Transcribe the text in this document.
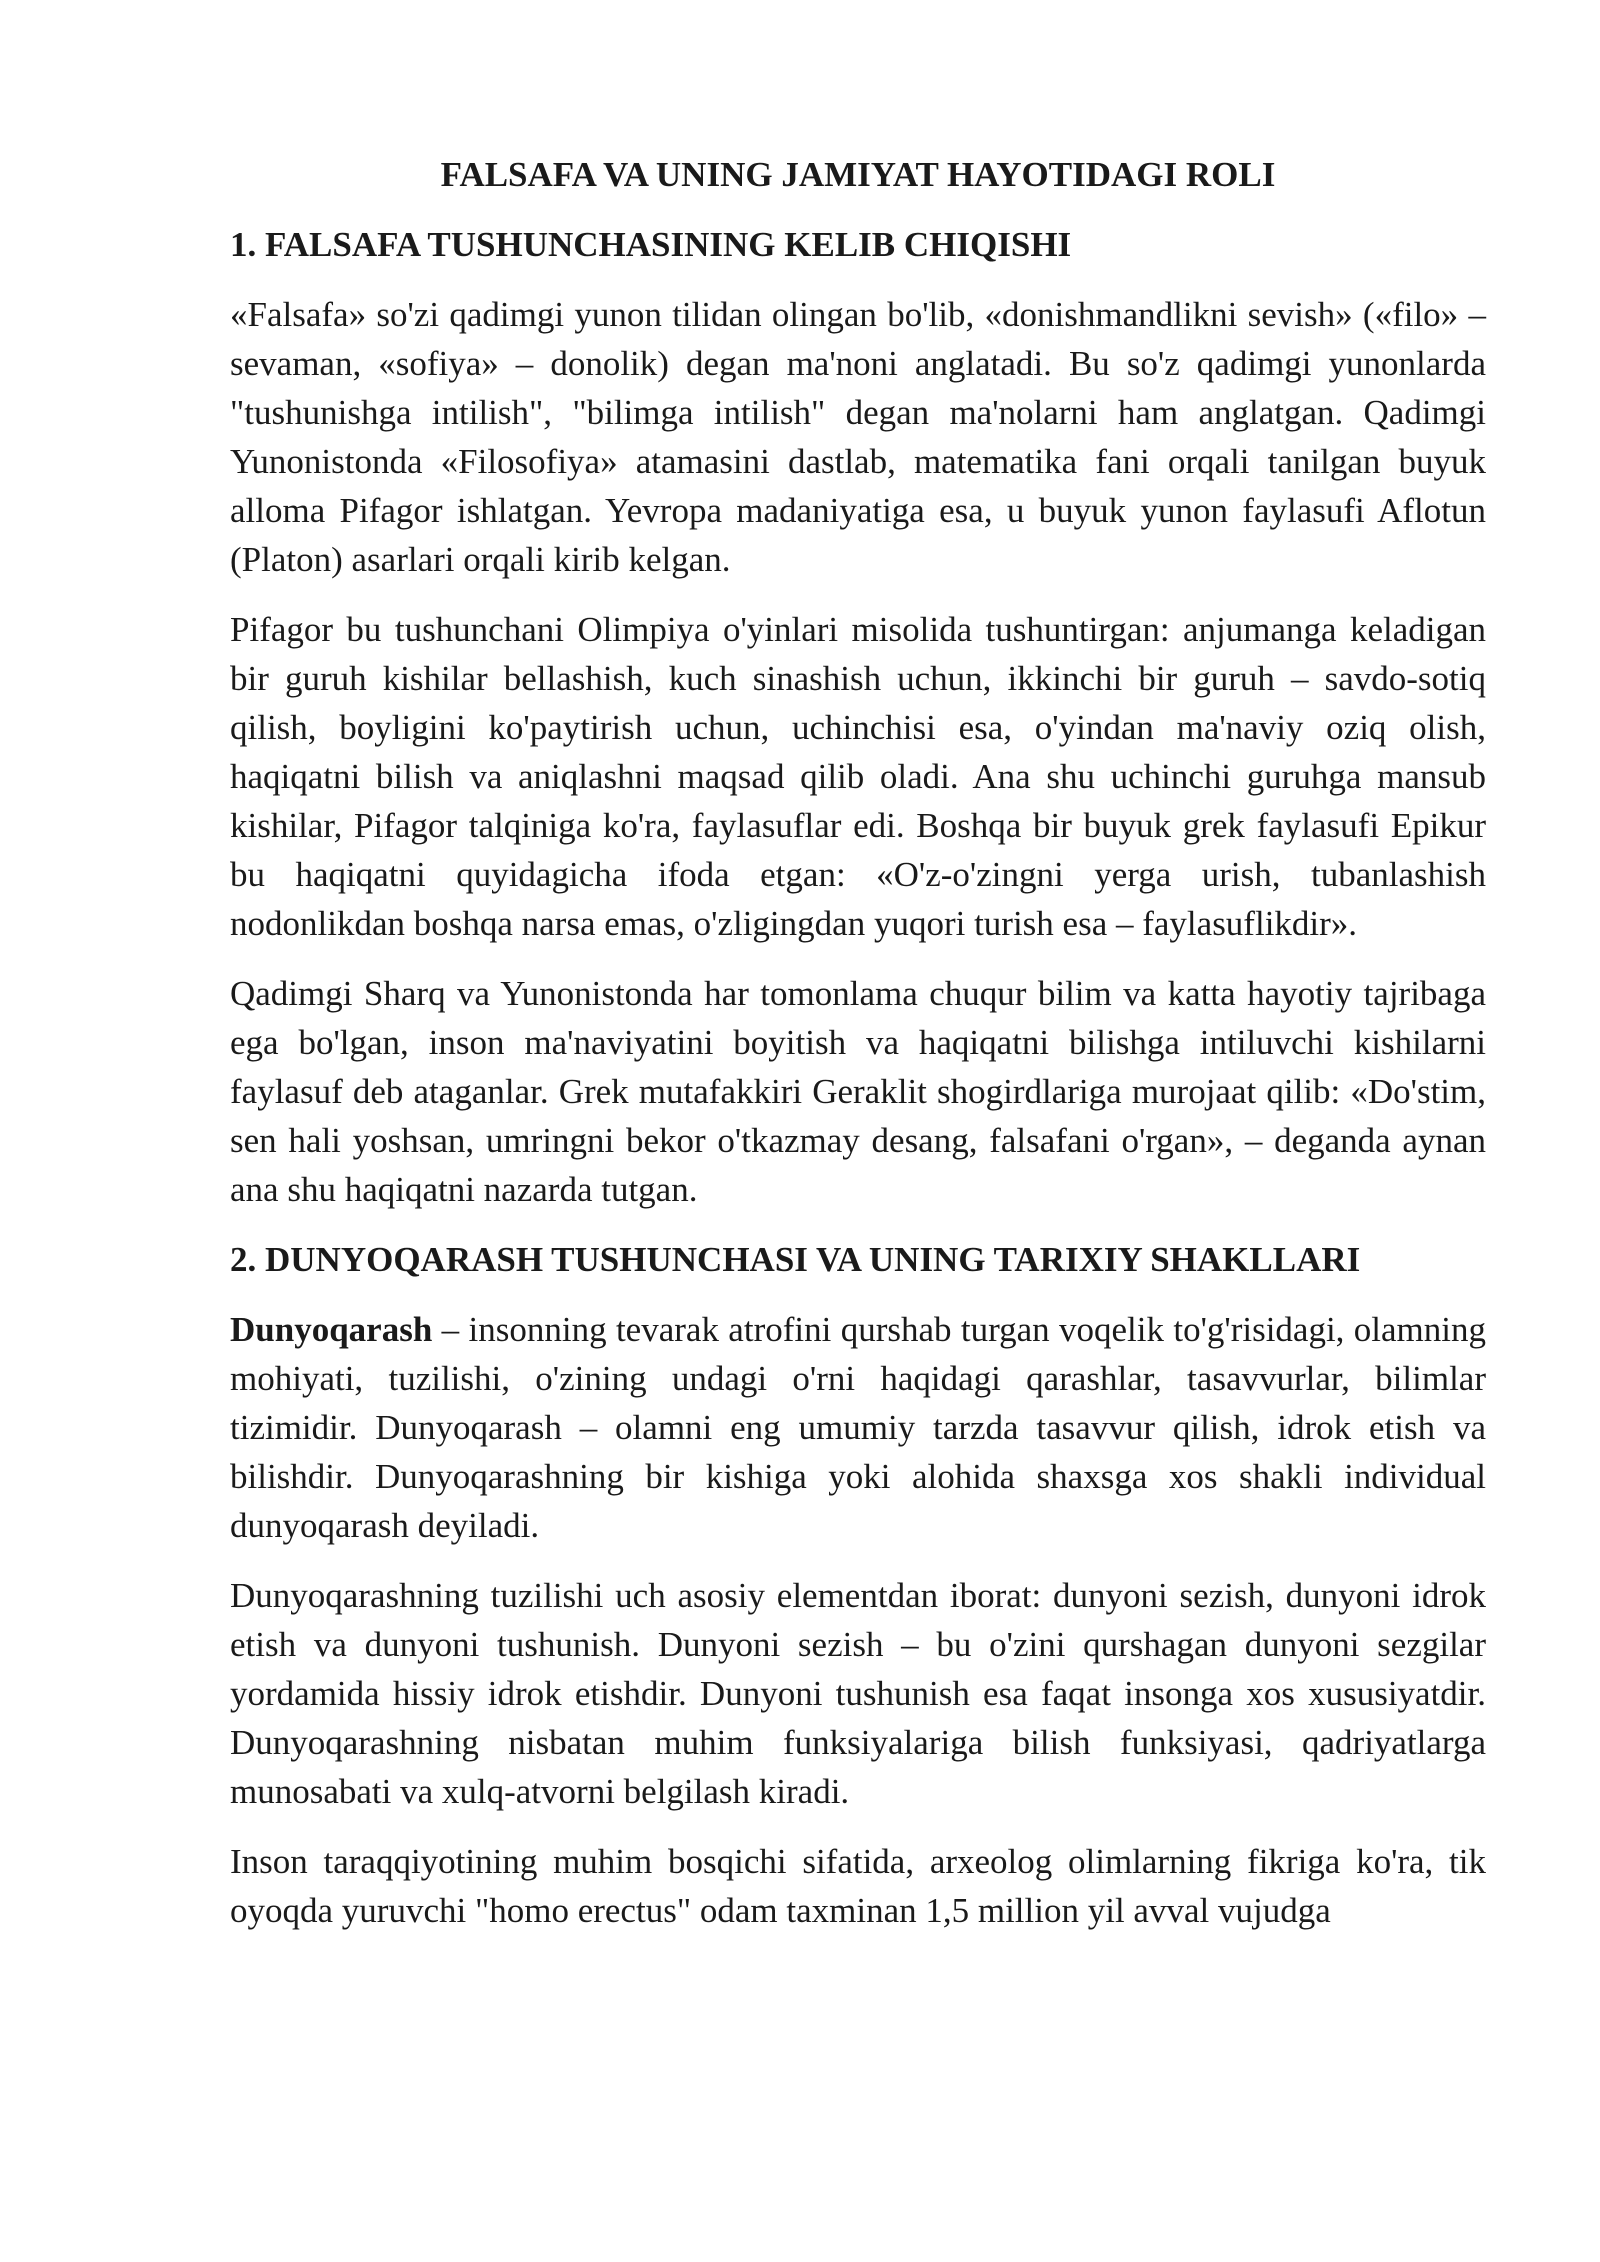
FALSAFA VA UNING JAMIYAT HAYOTIDAGI ROLI
1. FALSAFA TUSHUNCHASINING KELIB CHIQISHI

«Falsafa» so'zi qadimgi yunon tilidan olingan bo'lib, «donishmandlikni sevish» («filo» – sevaman, «sofiya» – donolik) degan ma'noni anglatadi. Bu so'z qadimgi yunonlarda "tushunishga intilish", "bilimga intilish" degan ma'nolarni ham anglatgan. Qadimgi Yunonistonda «Filosofiya» atamasini dastlab, matematika fani orqali tanilgan buyuk alloma Pifagor ishlatgan. Yevropa madaniyatiga esa, u buyuk yunon faylasufi Aflotun (Platon) asarlari orqali kirib kelgan.

Pifagor bu tushunchani Olimpiya o'yinlari misolida tushuntirgan: anjumanga keladigan bir guruh kishilar bellashish, kuch sinashish uchun, ikkinchi bir guruh – savdo-sotiq qilish, boyligini ko'paytirish uchun, uchinchisi esa, o'yindan ma'naviy oziq olish, haqiqatni bilish va aniqlashni maqsad qilib oladi. Ana shu uchinchi guruhga mansub kishilar, Pifagor talqiniga ko'ra, faylasuflar edi. Boshqa bir buyuk grek faylasufi Epikur bu haqiqatni quyidagicha ifoda etgan: «O'z-o'zingni yerga urish, tubanlashish nodonlikdan boshqa narsa emas, o'zligingdan yuqori turish esa – faylasuflikdir».

Qadimgi Sharq va Yunonistonda har tomonlama chuqur bilim va katta hayotiy tajribaga ega bo'lgan, inson ma'naviyatini boyitish va haqiqatni bilishga intiluvchi kishilarni faylasuf deb ataganlar. Grek mutafakkiri Geraklit shogirdlariga murojaat qilib: «Do'stim, sen hali yoshsan, umringni bekor o'tkazmay desang, falsafani o'rgan», – deganda aynan ana shu haqiqatni nazarda tutgan.

2. DUNYOQARASH TUSHUNCHASI VA UNING TARIXIY SHAKLLARI

Dunyoqarash – insonning tevarak atrofini qurshab turgan voqelik to'g'risidagi, olamning mohiyati, tuzilishi, o'zining undagi o'rni haqidagi qarashlar, tasavvurlar, bilimlar tizimidir. Dunyoqarash – olamni eng umumiy tarzda tasavvur qilish, idrok etish va bilishdir. Dunyoqarashning bir kishiga yoki alohida shaxsga xos shakli individual dunyoqarash deyiladi.

Dunyoqarashning tuzilishi uch asosiy elementdan iborat: dunyoni sezish, dunyoni idrok etish va dunyoni tushunish. Dunyoni sezish – bu o'zini qurshagan dunyoni sezgilar yordamida hissiy idrok etishdir. Dunyoni tushunish esa faqat insonga xos xususiyatdir. Dunyoqarashning nisbatan muhim funksiyalariga bilish funksiyasi, qadriyatlarga munosabati va xulq-atvorni belgilash kiradi.

Inson taraqqiyotining muhim bosqichi sifatida, arxeolog olimlarning fikriga ko'ra, tik oyoqda yuruvchi "homo erectus" odam taxminan 1,5 million yil avval vujudga
